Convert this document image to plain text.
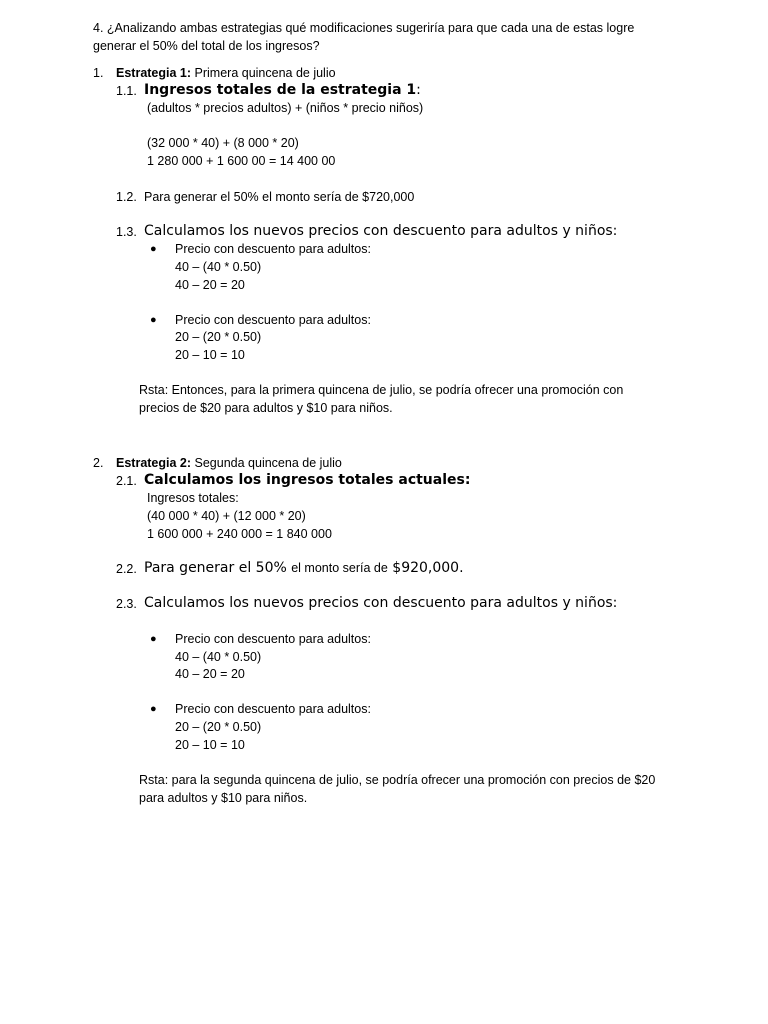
4. ¿Analizando ambas estrategias qué modificaciones sugeriría para que cada una de estas logre
generar el 50% del total de los ingresos?
1. Estrategia 1: Primera quincena de julio
1.1. Ingresos totales de la estrategia 1:
(adultos * precios adultos) + (niños * precio niños)
(32 000 * 40) + (8 000 * 20)
1 280 000 + 1 600 00 = 14 400 00
1.2. Para generar el 50% el monto sería de $720,000
1.3. Calculamos los nuevos precios con descuento para adultos y niños:
● Precio con descuento para adultos:
40 – (40 * 0.50)
40 – 20 = 20
● Precio con descuento para adultos:
20 – (20 * 0.50)
20 – 10 = 10
Rsta: Entonces, para la primera quincena de julio, se podría ofrecer una promoción con
precios de $20 para adultos y $10 para niños.
2. Estrategia 2: Segunda quincena de julio
2.1. Calculamos los ingresos totales actuales:
Ingresos totales:
(40 000 * 40) + (12 000 * 20)
1 600 000 + 240 000 = 1 840 000
2.2. Para generar el 50% el monto sería de $920,000.
2.3. Calculamos los nuevos precios con descuento para adultos y niños:
● Precio con descuento para adultos:
40 – (40 * 0.50)
40 – 20 = 20
● Precio con descuento para adultos:
20 – (20 * 0.50)
20 – 10 = 10
Rsta: para la segunda quincena de julio, se podría ofrecer una promoción con precios de $20
para adultos y $10 para niños.
